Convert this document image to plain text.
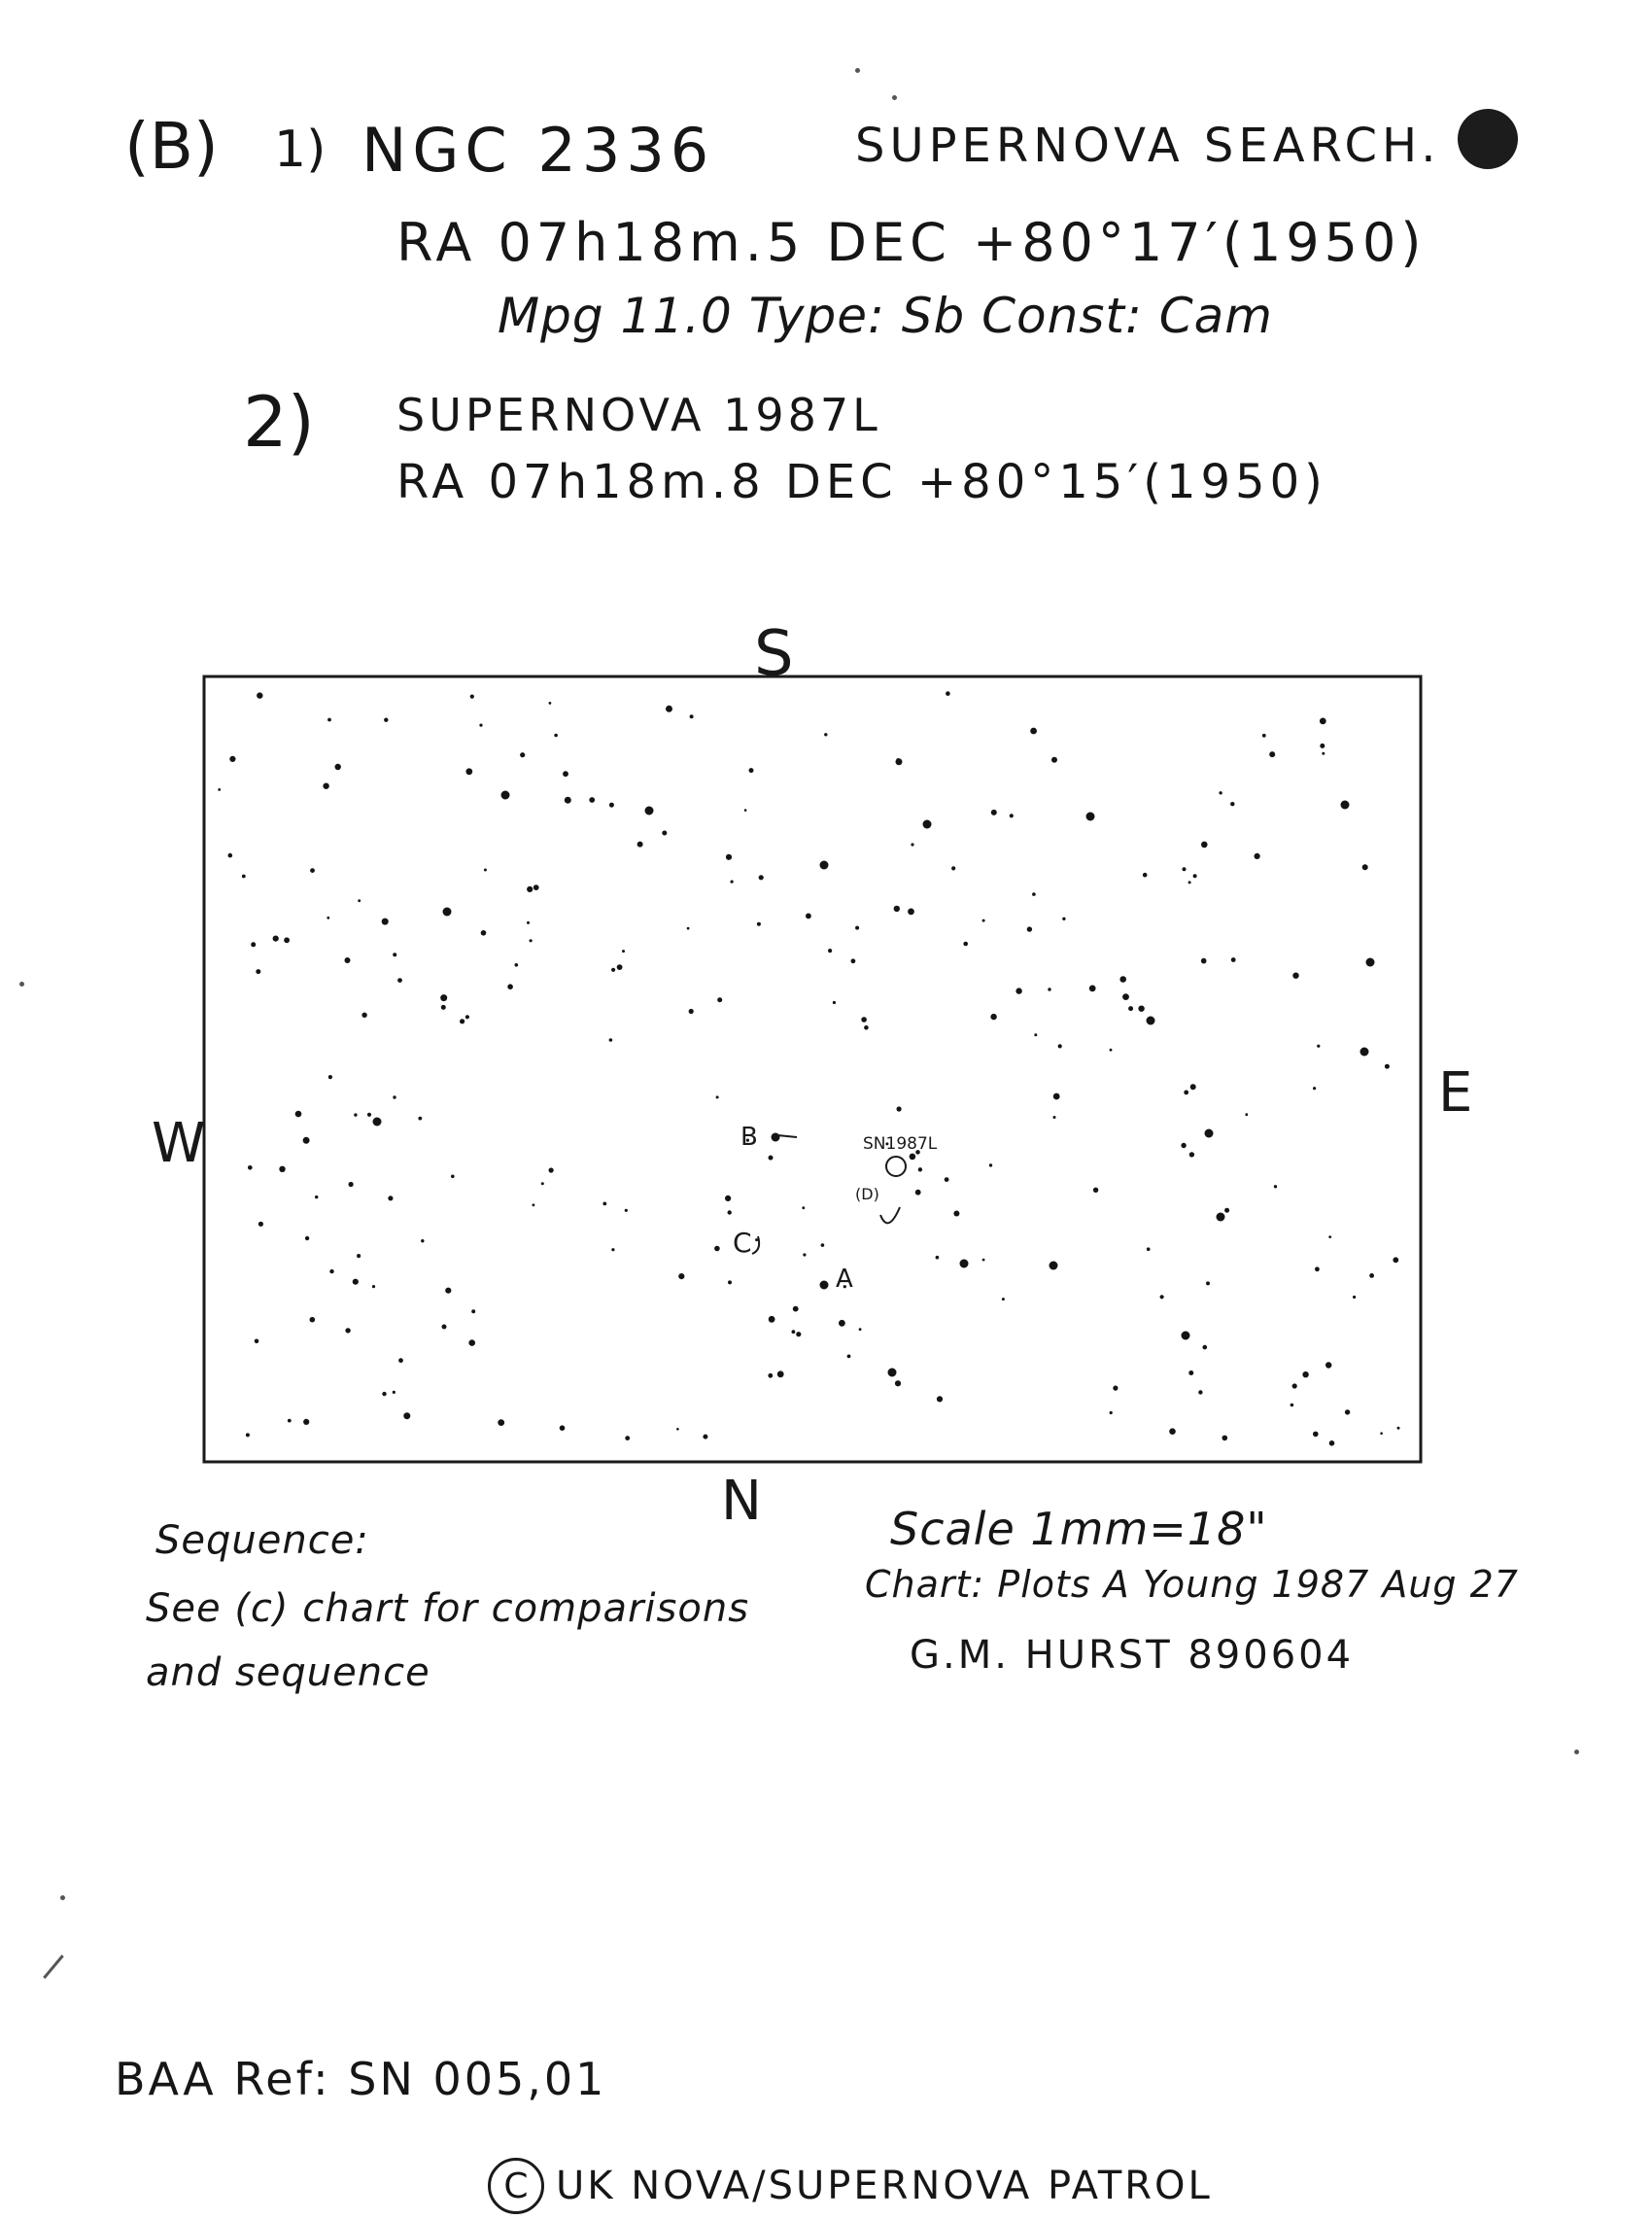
(B) 1) NGC 2336	SUPERNOVA SEARCH.
RA 07h18m.5 DEC +80°17′(1950)
Mpg 11.0 Type: Sb Const: Cam
2) SUPERNOVA 1987L
RA 07h18m.8 DEC +80°15′(1950)
S
N
W
E
B
C
A
SN1987L
(D)
Sequence:
See (c) chart for comparisons
and sequence
Scale 1mm=18"
Chart: Plots A Young 1987 Aug 27
G.M. HURST 890604
BAA Ref: SN 005,01
C UK NOVA/SUPERNOVA PATROL
